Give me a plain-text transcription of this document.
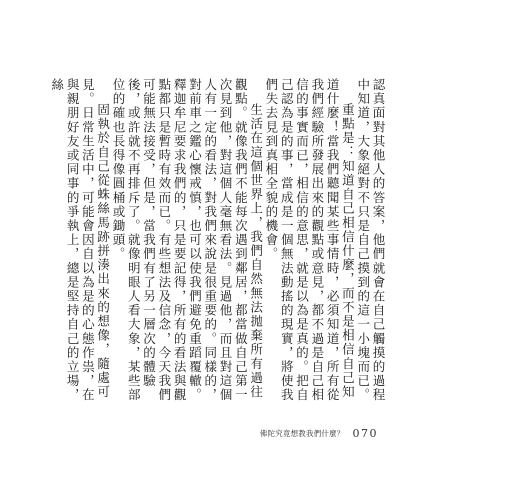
認真面對其他人的答案，他們就會在自己觸摸的過程中知道，大象絕對不只是自己摸到的這一小塊而已。

重點是：知道自己相信什麼，而不是相信自己知道什麼！當我們聽聞某些事情時，必須知道，所有從我們經驗所發展出來的觀點或意見，都不過是自己相信的事實而已，相信的意思，就是以為是真的。把自己認為是的事，當成是一個無法動搖的現實，將使我們失去見到真相全貌的機會。

生活在這個世界上，我們自然無法拋棄所有過往觀點。就像我們不能每次遇到鄰居，都當做自己第一次見到他，對這個人毫無看法。見過他，而且對這個人有一定的看法，對我們來說是很重要的。同樣的，對前車之鑑心懷戒慎，也可以使我們避免重蹈覆轍。釋迦牟尼要求我們的，只是要記得，所有的看法與觀點都只是暫時有效而已。有些想法及信念，今天我們可能無法接受，但是，當我們有了另一層次的體驗後，或許就不再排斥了。就像明眼人看大象，某些部位的確也長得像圓桶或鋤頭。

固執於自己從蛛絲馬跡拼湊出來的想像，隨處可見。日常生活中，可能會因自以為是的心態作祟，在與親朋好友或同事的爭執上，總是堅持自己的立場，絲

佛陀究竟想教我們什麼？ 070
